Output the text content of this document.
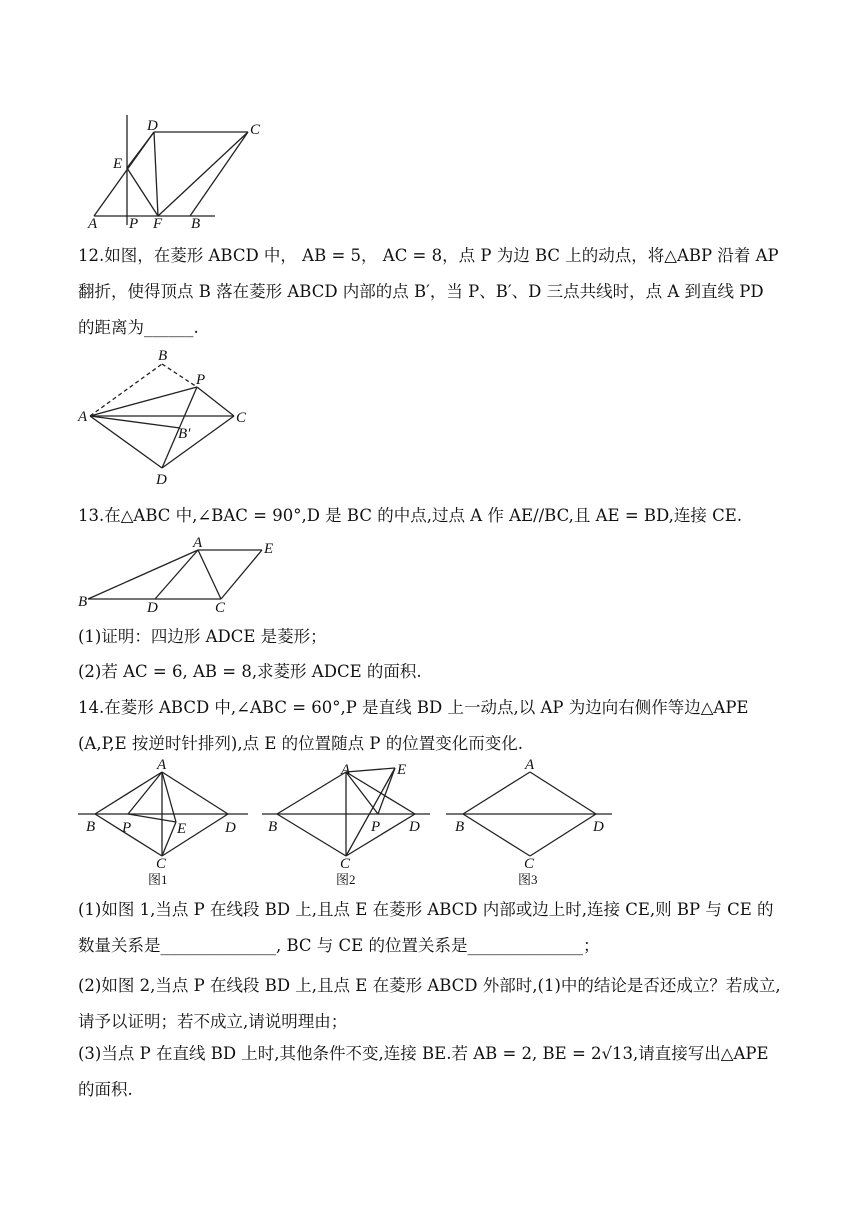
A P F B
E
D	C
12.如图，在菱形 ABCD 中， AB = 5， AC = 8，点 P 为边 BC 上的动点，将△ABP 沿着 AP 翻折，使得顶点 B 落在菱形 ABCD 内部的点 B′，当 P、B′、D 三点共线时，点 A 到直线 PD 的距离为______.
B
P
A	C
B′
D
13.在△ABC 中,∠BAC = 90°,D 是 BC 的中点,过点 A 作 AE//BC,且 AE = BD,连接 CE.
A	E
B	D	C
(1)证明：四边形 ADCE 是菱形；
(2)若 AC = 6, AB = 8,求菱形 ADCE 的面积.
14.在菱形 ABCD 中,∠ABC = 60°,P 是直线 BD 上一动点,以 AP 为边向右侧作等边△APE (A,P,E 按逆时针排列),点 E 的位置随点 P 的位置变化而变化.
A
B P	E	D
C
图1
A	E
B	P D
C
图2
A
B	D
C
图3
(1)如图 1,当点 P 在线段 BD 上,且点 E 在菱形 ABCD 内部或边上时,连接 CE,则 BP 与 CE 的数量关系是______________, BC 与 CE 的位置关系是______________；
(2)如图 2,当点 P 在线段 BD 上,且点 E 在菱形 ABCD 外部时,(1)中的结论是否还成立？若成立,请予以证明；若不成立,请说明理由；
(3)当点 P 在直线 BD 上时,其他条件不变,连接 BE.若 AB = 2, BE = 2√13,请直接写出△APE 的面积.
